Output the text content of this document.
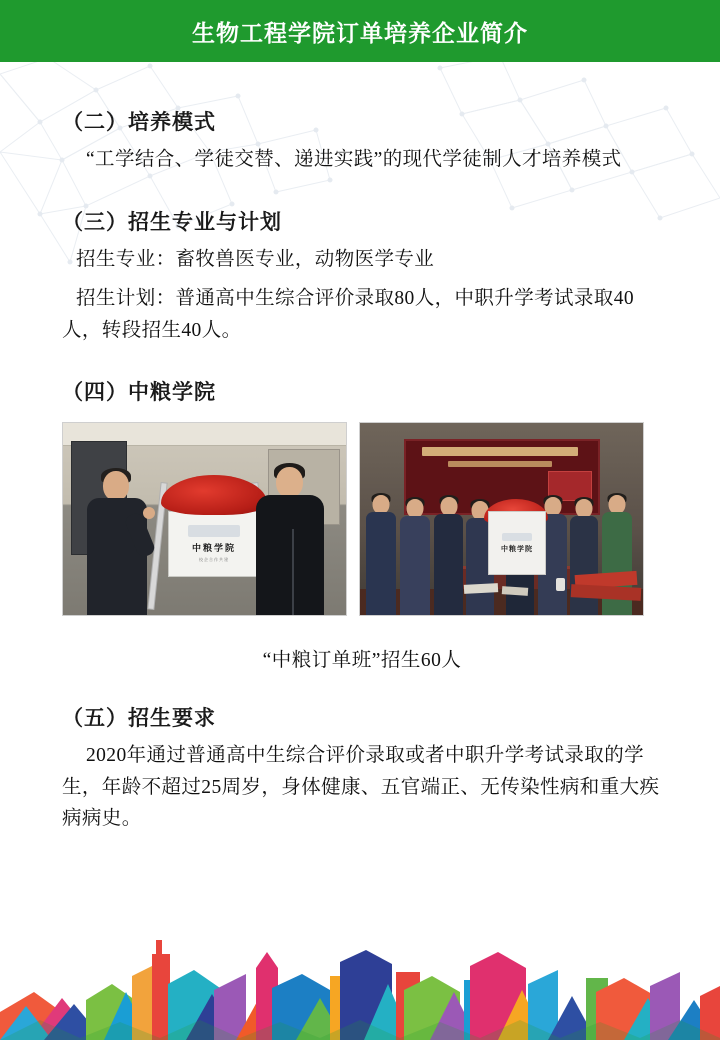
生物工程学院订单培养企业简介
（二）培养模式
“工学结合、学徒交替、递进实践”的现代学徒制人才培养模式
（三）招生专业与计划
招生专业：畜牧兽医专业，动物医学专业
招生计划：普通高中生综合评价录取80人，中职升学考试录取40人，转段招生40人。
（四）中粮学院
中粮学院
校企合作共建
中粮学院
“中粮订单班”招生60人
（五）招生要求
2020年通过普通高中生综合评价录取或者中职升学考试录取的学生，年龄不超过25周岁，身体健康、五官端正、无传染性病和重大疾病病史。
